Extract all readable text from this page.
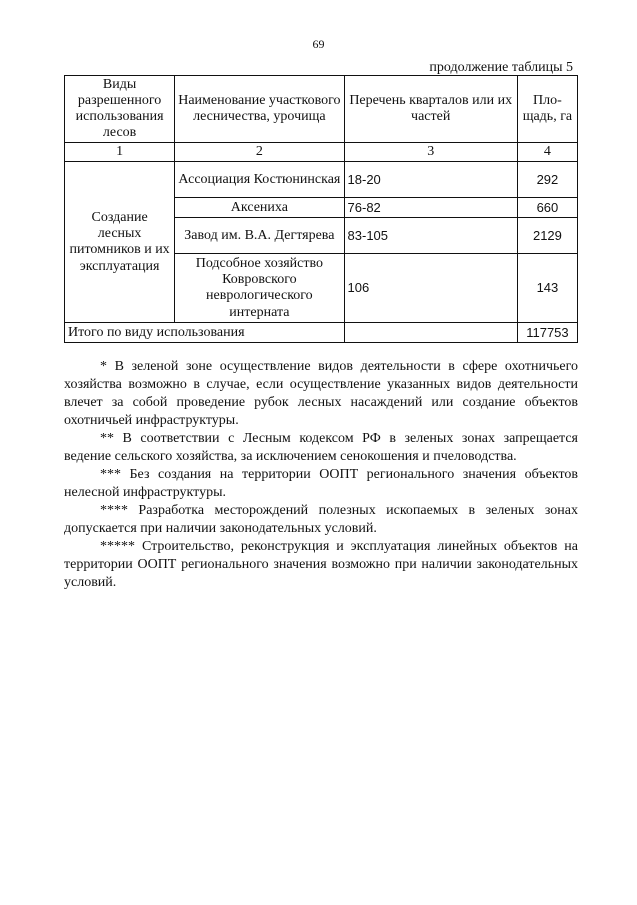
69
продолжение таблицы 5
Виды разрешенного использования лесов	Наименование участкового лесничества, урочища	Перечень кварталов или их частей	Пло-щадь, га
1	2	3	4
Создание лесных питомников и их эксплуатация	Ассоциация Костюнинская	18-20	292
	Аксениха	76-82	660
	Завод им. В.А. Дегтярева	83-105	2129
	Подсобное хозяйство Ковровского неврологического интерната	106	143
Итого по виду использования			117753

* В зеленой зоне осуществление видов деятельности в сфере охотничьего хозяйства возможно в случае, если осуществление указанных видов деятельности влечет за собой проведение рубок лесных насаждений или создание объектов охотничьей инфраструктуры.

** В соответствии с Лесным кодексом РФ в зеленых зонах запрещается ведение сельского хозяйства, за исключением сенокошения и пчеловодства.

*** Без создания на территории ООПТ регионального значения объектов нелесной инфраструктуры.

**** Разработка месторождений полезных ископаемых в зеленых зонах допускается при наличии законодательных условий.

***** Строительство, реконструкция и эксплуатация линейных объектов на территории ООПТ регионального значения возможно при наличии законодательных условий.
